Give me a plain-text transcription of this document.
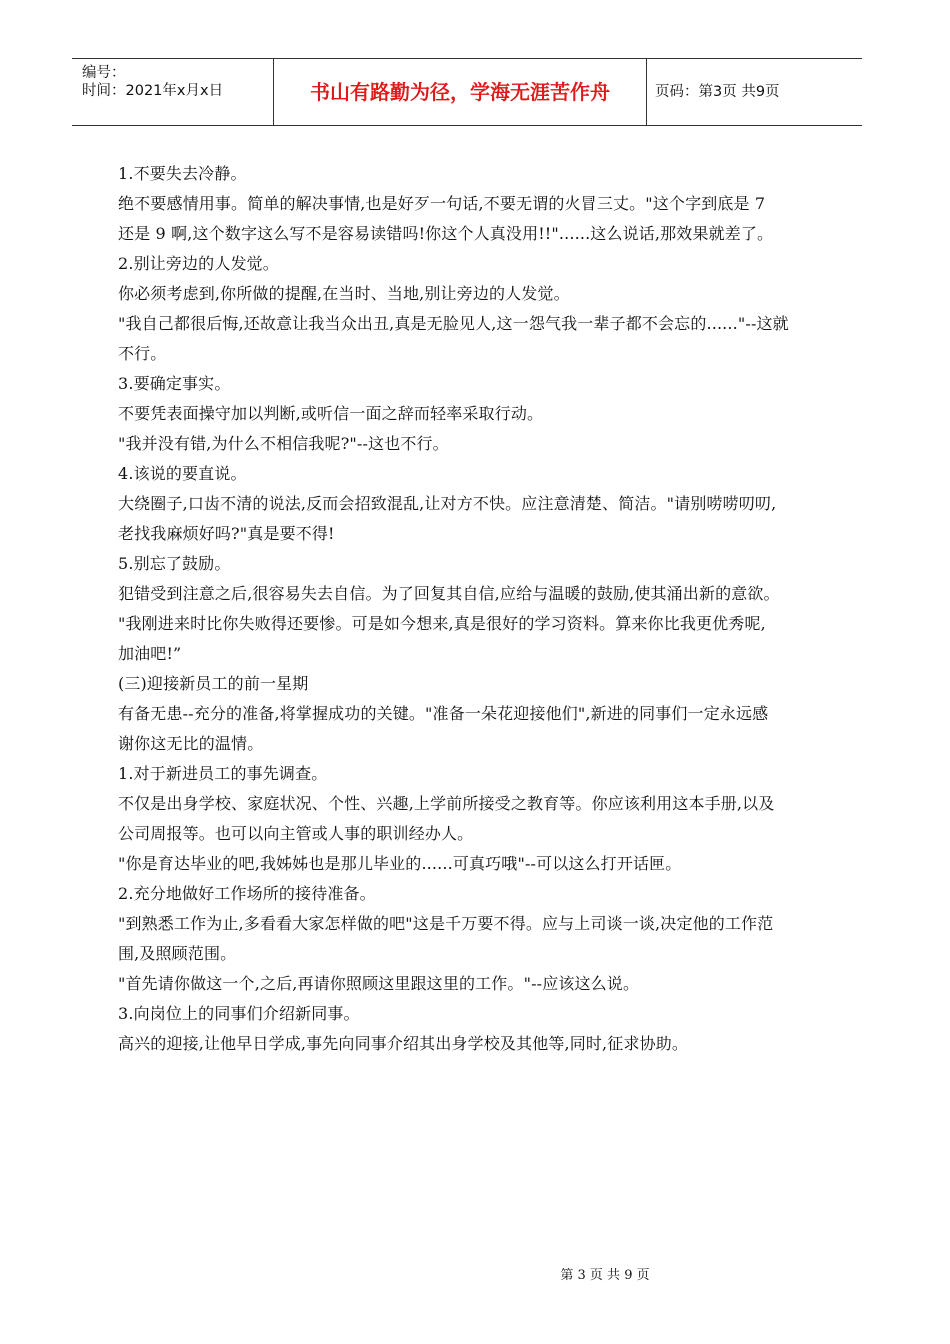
编号：
时间：2021年x月x日	书山有路勤为径，学海无涯苦作舟	页码：第3页 共9页
1.不要失去冷静。
绝不要感情用事。简单的解决事情,也是好歹一句话,不要无谓的火冒三丈。"这个字到底是 7
还是 9 啊,这个数字这么写不是容易读错吗!你这个人真没用!!"......这么说话,那效果就差了。
2.别让旁边的人发觉。
你必须考虑到,你所做的提醒,在当时、当地,别让旁边的人发觉。
"我自己都很后悔,还故意让我当众出丑,真是无脸见人,这一怨气我一辈子都不会忘的......"--这就
不行。
3.要确定事实。
不要凭表面操守加以判断,或听信一面之辞而轻率采取行动。
"我并没有错,为什么不相信我呢?"--这也不行。
4.该说的要直说。
大绕圈子,口齿不清的说法,反而会招致混乱,让对方不快。应注意清楚、简洁。"请别唠唠叨叨,
老找我麻烦好吗?"真是要不得!
5.别忘了鼓励。
犯错受到注意之后,很容易失去自信。为了回复其自信,应给与温暖的鼓励,使其涌出新的意欲。
"我刚进来时比你失败得还要惨。可是如今想来,真是很好的学习资料。算来你比我更优秀呢,
加油吧!”
(三)迎接新员工的前一星期
有备无患--充分的准备,将掌握成功的关键。"准备一朵花迎接他们",新进的同事们一定永远感
谢你这无比的温情。
1.对于新进员工的事先调查。
不仅是出身学校、家庭状况、个性、兴趣,上学前所接受之教育等。你应该利用这本手册,以及
公司周报等。也可以向主管或人事的职训经办人。
"你是育达毕业的吧,我姊姊也是那儿毕业的......可真巧哦"--可以这么打开话匣。
2.充分地做好工作场所的接待准备。
"到熟悉工作为止,多看看大家怎样做的吧"这是千万要不得。应与上司谈一谈,决定他的工作范
围,及照顾范围。
"首先请你做这一个,之后,再请你照顾这里跟这里的工作。"--应该这么说。
3.向岗位上的同事们介绍新同事。
高兴的迎接,让他早日学成,事先向同事介绍其出身学校及其他等,同时,征求协助。
第 3 页 共 9 页
